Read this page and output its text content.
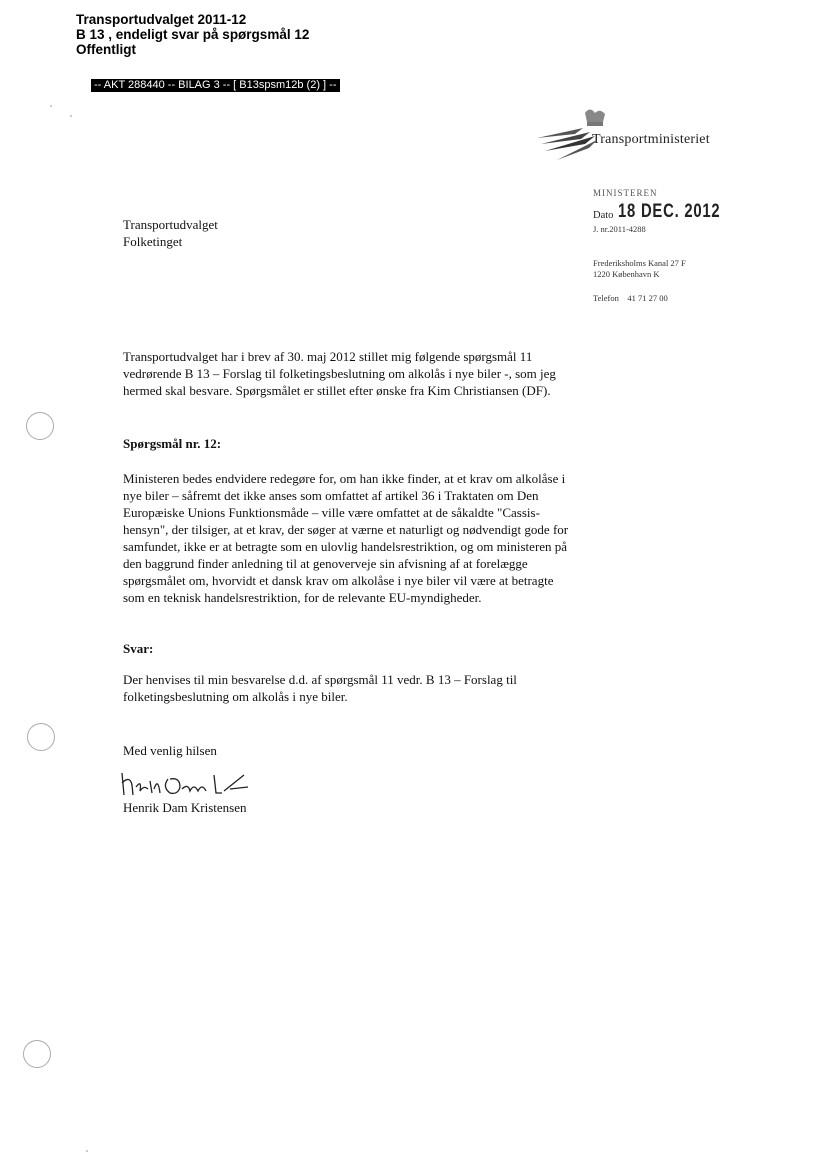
Transportudvalget 2011-12
B 13 , endeligt svar på spørgsmål 12
Offentligt
-- AKT 288440 -- BILAG 3 -- [ B13spsm12b (2) ] --
Transportministeriet
MINISTEREN
Dato 18 DEC. 2012
J. nr.2011-4288
Frederiksholms Kanal 27 F
1220 København K
Telefon    41 71 27 00
Transportudvalget
Folketinget
Transportudvalget har i brev af 30. maj 2012 stillet mig følgende spørgsmål 11 vedrørende B 13 – Forslag til folketingsbeslutning om alkolås i nye biler -, som jeg hermed skal besvare. Spørgsmålet er stillet efter ønske fra Kim Christiansen (DF).
Spørgsmål nr. 12:
Ministeren bedes endvidere redegøre for, om han ikke finder, at et krav om alkolåse i nye biler – såfremt det ikke anses som omfattet af artikel 36 i Traktaten om Den Europæiske Unions Funktionsmåde – ville være omfattet at de såkaldte "Cassis-hensyn", der tilsiger, at et krav, der søger at værne et naturligt og nødvendigt gode for samfundet, ikke er at betragte som en ulovlig handelsrestriktion, og om ministeren på den baggrund finder anledning til at genoverveje sin afvisning af at forelægge spørgsmålet om, hvorvidt et dansk krav om alkolåse i nye biler vil være at betragte som en teknisk handelsrestriktion, for de relevante EU-myndigheder.
Svar:
Der henvises til min besvarelse d.d. af spørgsmål 11 vedr. B 13 – Forslag til folketingsbeslutning om alkolås i nye biler.
Med venlig hilsen
Henrik Dam Kristensen
